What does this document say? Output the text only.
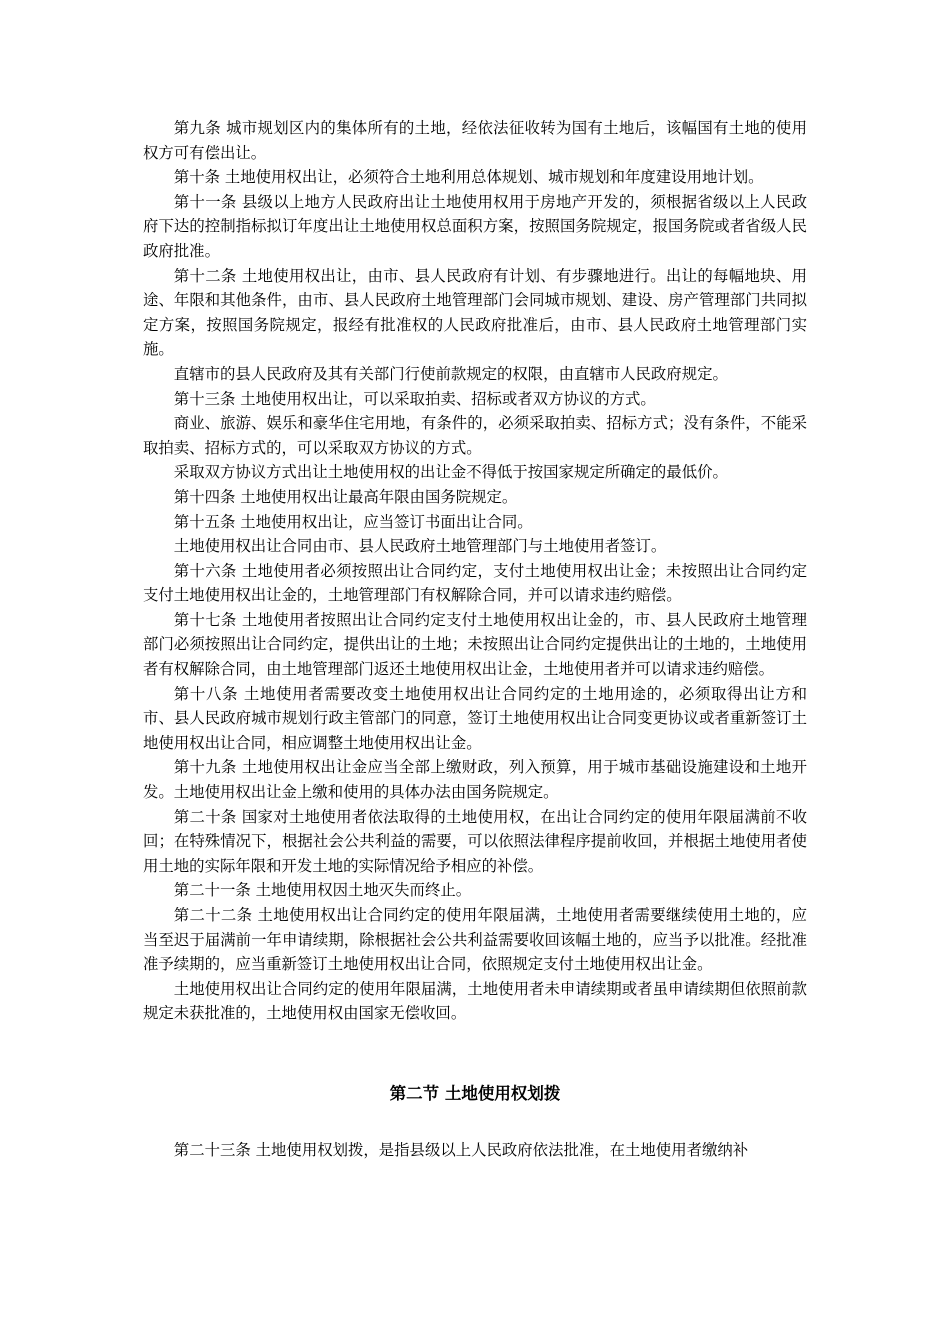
第九条 城市规划区内的集体所有的土地，经依法征收转为国有土地后，该幅国有土地的使用权方可有偿出让。

第十条 土地使用权出让，必须符合土地利用总体规划、城市规划和年度建设用地计划。

第十一条 县级以上地方人民政府出让土地使用权用于房地产开发的，须根据省级以上人民政府下达的控制指标拟订年度出让土地使用权总面积方案，按照国务院规定，报国务院或者省级人民政府批准。

第十二条 土地使用权出让，由市、县人民政府有计划、有步骤地进行。出让的每幅地块、用途、年限和其他条件，由市、县人民政府土地管理部门会同城市规划、建设、房产管理部门共同拟定方案，按照国务院规定，报经有批准权的人民政府批准后，由市、县人民政府土地管理部门实施。

直辖市的县人民政府及其有关部门行使前款规定的权限，由直辖市人民政府规定。

第十三条 土地使用权出让，可以采取拍卖、招标或者双方协议的方式。

商业、旅游、娱乐和豪华住宅用地，有条件的，必须采取拍卖、招标方式；没有条件，不能采取拍卖、招标方式的，可以采取双方协议的方式。

采取双方协议方式出让土地使用权的出让金不得低于按国家规定所确定的最低价。

第十四条 土地使用权出让最高年限由国务院规定。

第十五条 土地使用权出让，应当签订书面出让合同。

土地使用权出让合同由市、县人民政府土地管理部门与土地使用者签订。

第十六条 土地使用者必须按照出让合同约定，支付土地使用权出让金；未按照出让合同约定支付土地使用权出让金的，土地管理部门有权解除合同，并可以请求违约赔偿。

第十七条 土地使用者按照出让合同约定支付土地使用权出让金的，市、县人民政府土地管理部门必须按照出让合同约定，提供出让的土地；未按照出让合同约定提供出让的土地的，土地使用者有权解除合同，由土地管理部门返还土地使用权出让金，土地使用者并可以请求违约赔偿。

第十八条 土地使用者需要改变土地使用权出让合同约定的土地用途的，必须取得出让方和市、县人民政府城市规划行政主管部门的同意，签订土地使用权出让合同变更协议或者重新签订土地使用权出让合同，相应调整土地使用权出让金。

第十九条 土地使用权出让金应当全部上缴财政，列入预算，用于城市基础设施建设和土地开发。土地使用权出让金上缴和使用的具体办法由国务院规定。

第二十条 国家对土地使用者依法取得的土地使用权，在出让合同约定的使用年限届满前不收回；在特殊情况下，根据社会公共利益的需要，可以依照法律程序提前收回，并根据土地使用者使用土地的实际年限和开发土地的实际情况给予相应的补偿。

第二十一条 土地使用权因土地灭失而终止。

第二十二条 土地使用权出让合同约定的使用年限届满，土地使用者需要继续使用土地的，应当至迟于届满前一年申请续期，除根据社会公共利益需要收回该幅土地的，应当予以批准。经批准准予续期的，应当重新签订土地使用权出让合同，依照规定支付土地使用权出让金。

土地使用权出让合同约定的使用年限届满，土地使用者未申请续期或者虽申请续期但依照前款规定未获批准的，土地使用权由国家无偿收回。

第二节 土地使用权划拨

第二十三条 土地使用权划拨，是指县级以上人民政府依法批准，在土地使用者缴纳补
